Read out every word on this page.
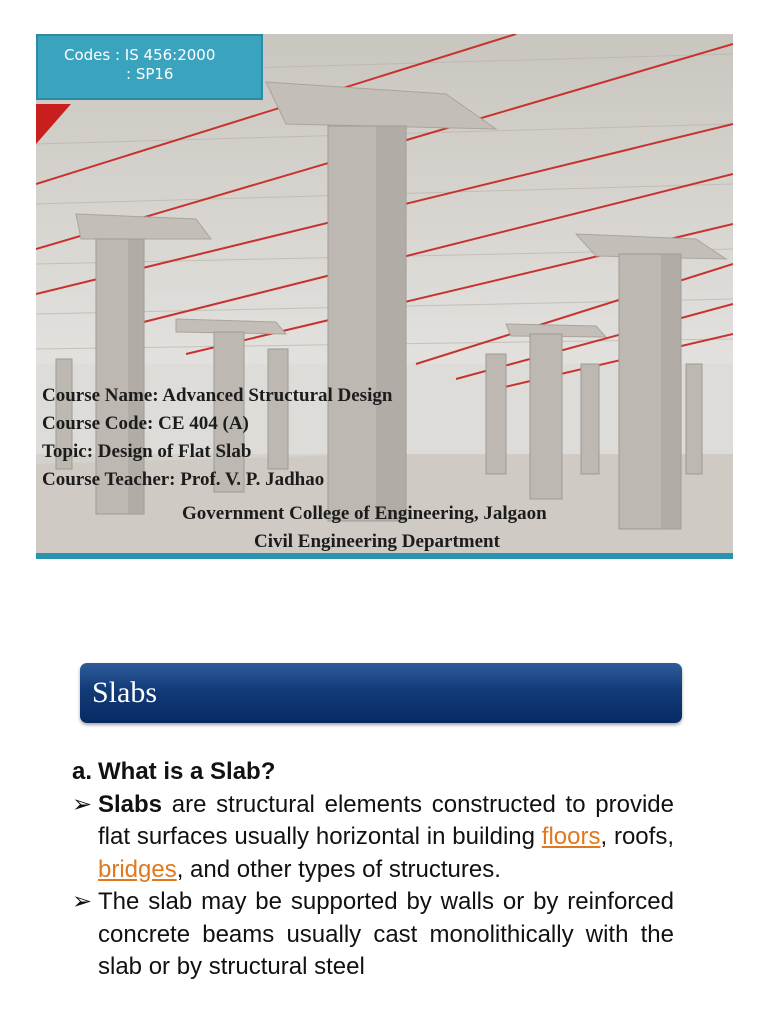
Codes : IS 456:2000
: SP16
Course Name: Advanced Structural Design
Course Code: CE 404 (A)
Topic: Design of Flat Slab
Course Teacher: Prof. V. P. Jadhao
Government College of Engineering, Jalgaon
Civil Engineering Department
Slabs
a. What is a Slab?
➢ Slabs are structural elements constructed to provide flat surfaces usually horizontal in building floors, roofs, bridges, and other types of structures.
➢ The slab may be supported by walls or by reinforced concrete beams usually cast monolithically with the slab or by structural steel
